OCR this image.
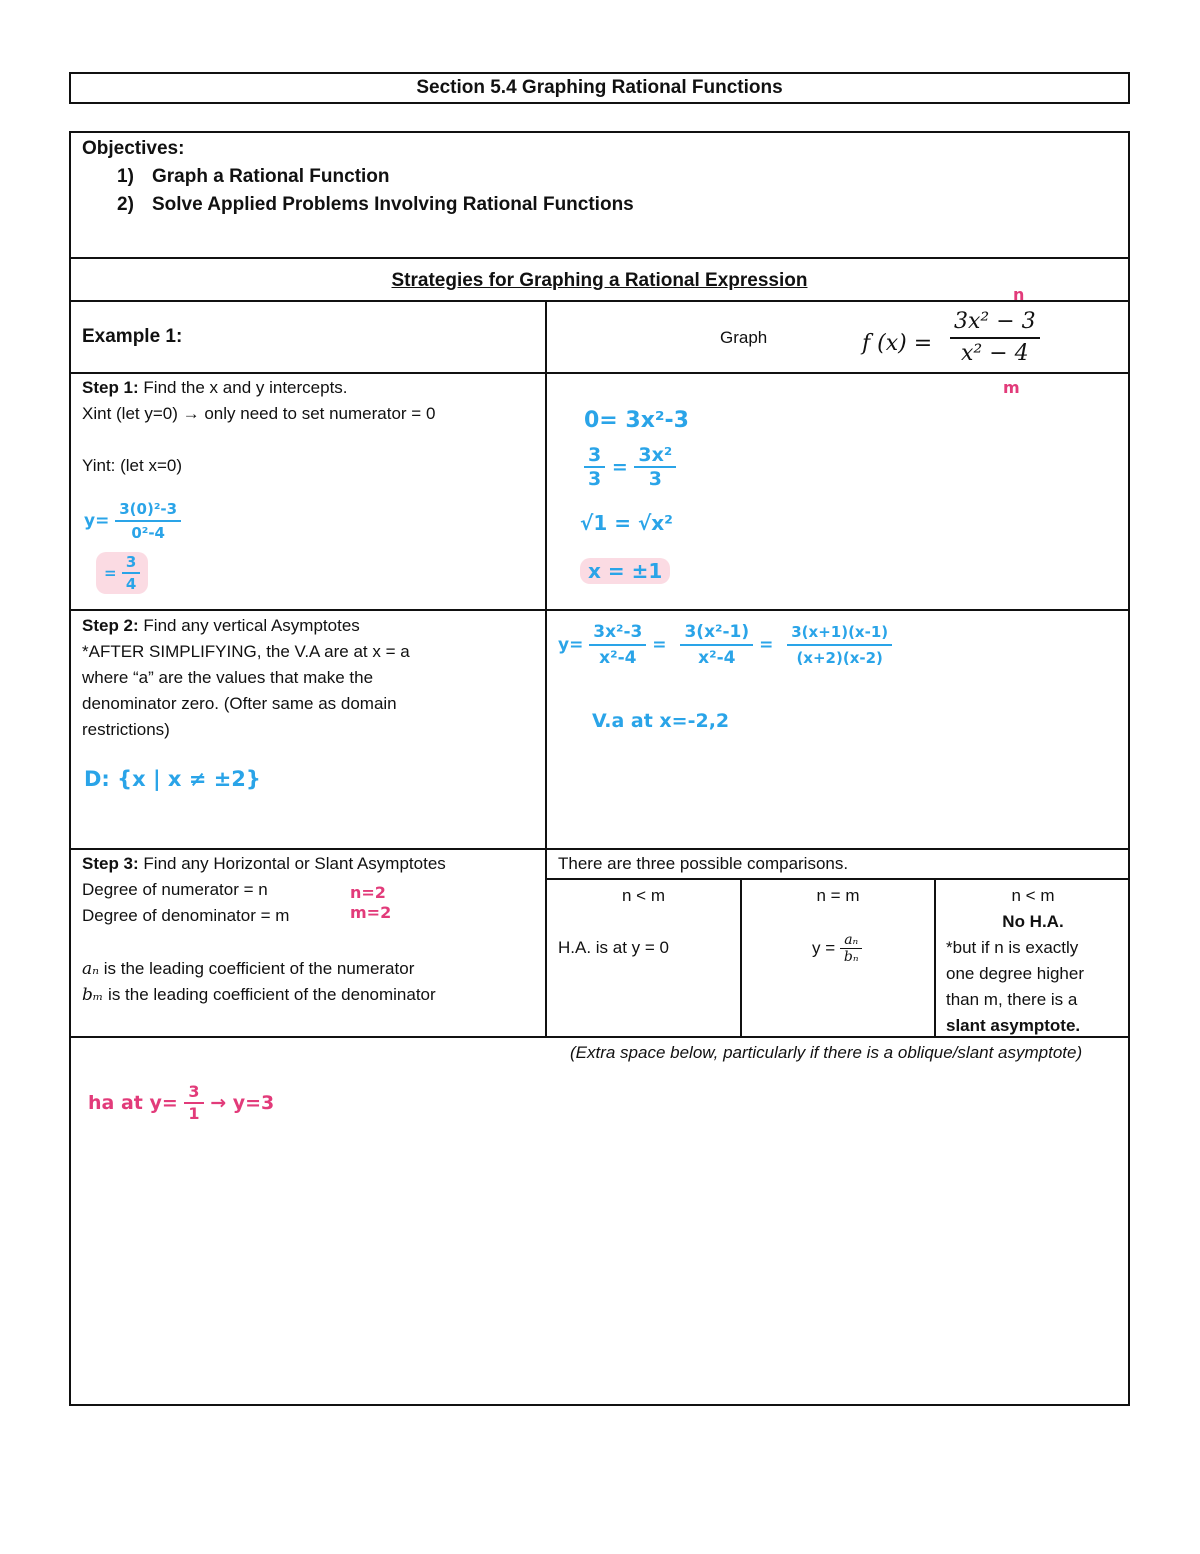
Section 5.4 Graphing Rational Functions
Objectives:
1) Graph a Rational Function
2) Solve Applied Problems Involving Rational Functions
Strategies for Graphing a Rational Expression
Example 1:	Graph	f $(x) = \frac{\text{3x² − 3}}{\text{x² − 4}}$
n
m
Step 1: Find the x and y intercepts.
Xint (let y=0) → only need to set numerator = 0
Yint: (let x=0)
$y= \frac{\text{3(0)²-3}}{\text{0²-4}}$
= $\frac{3}{4}$
0= 3x²-3
$\frac{3}{3} = \frac{\text{3x²}}{3}$
√1 = √x²
x = ±1
Step 2: Find any vertical Asymptotes
*AFTER SIMPLIFYING, the V.A are at x = a
where “a” are the values that make the
denominator zero. (Ofter same as domain
restrictions)
D: {x | x ≠ ±2}
$y= \frac{\text{3x²-3}}{\text{x²-4}} = \frac{\text{3(x²-1)}}{\text{x²-4}} = \frac{3(x+1)(x-1)}{(x+2)(x-2)}$
V.a at x=-2,2
Step 3: Find any Horizontal or Slant Asymptotes
Degree of numerator = n
Degree of denominator = m
n=2
m=2
aₙ is the leading coefficient of the numerator
bₘ is the leading coefficient of the denominator
There are three possible comparisons.
n < m
H.A. is at y = 0
n = m
$y = \frac{\text{aₙ}}{\text{bₙ}}$
n < m
No H.A.
*but if n is exactly
one degree higher
than m, there is a
slant asymptote.
(Extra space below, particularly if there is a oblique/slant asymptote)
ha at $y= \frac{3}{1} \to y=3$
